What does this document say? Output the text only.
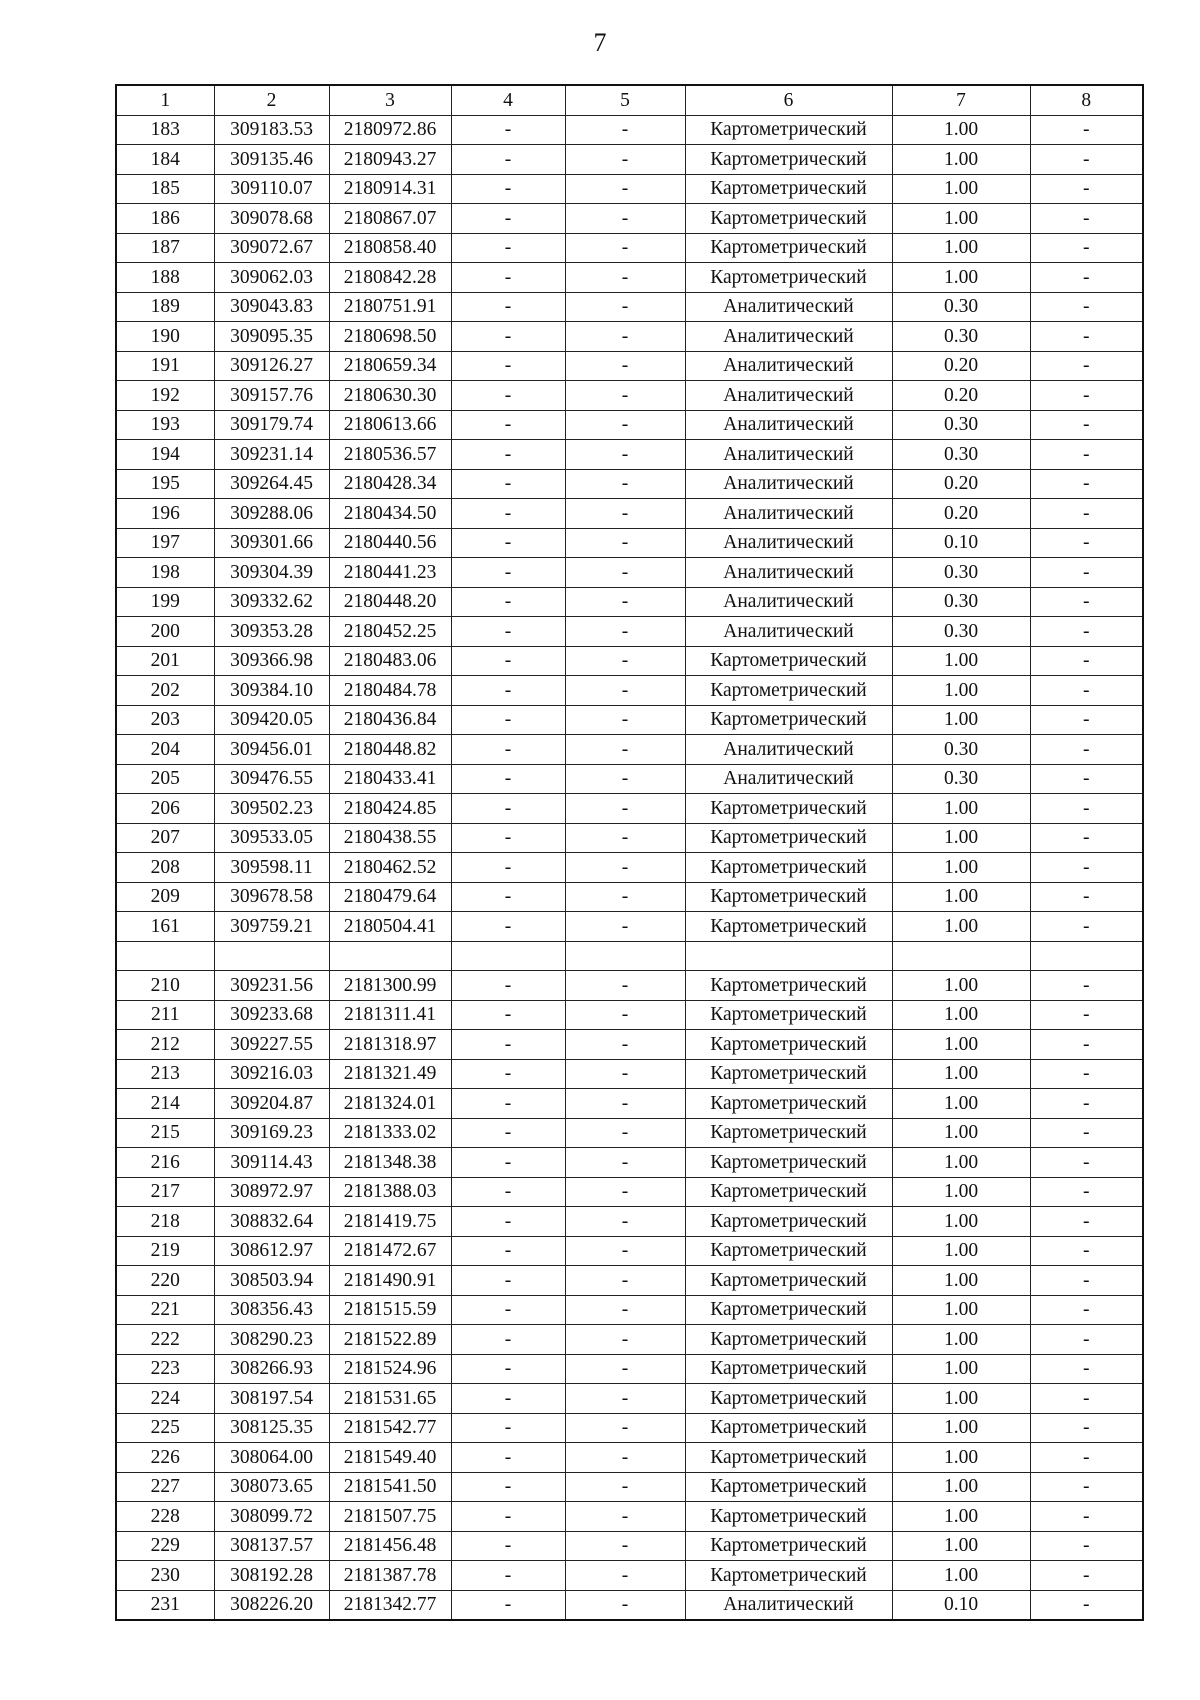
7
1	2	3	4	5	6	7	8
183	309183.53	2180972.86	-	-	Картометрический	1.00	-
184	309135.46	2180943.27	-	-	Картометрический	1.00	-
185	309110.07	2180914.31	-	-	Картометрический	1.00	-
186	309078.68	2180867.07	-	-	Картометрический	1.00	-
187	309072.67	2180858.40	-	-	Картометрический	1.00	-
188	309062.03	2180842.28	-	-	Картометрический	1.00	-
189	309043.83	2180751.91	-	-	Аналитический	0.30	-
190	309095.35	2180698.50	-	-	Аналитический	0.30	-
191	309126.27	2180659.34	-	-	Аналитический	0.20	-
192	309157.76	2180630.30	-	-	Аналитический	0.20	-
193	309179.74	2180613.66	-	-	Аналитический	0.30	-
194	309231.14	2180536.57	-	-	Аналитический	0.30	-
195	309264.45	2180428.34	-	-	Аналитический	0.20	-
196	309288.06	2180434.50	-	-	Аналитический	0.20	-
197	309301.66	2180440.56	-	-	Аналитический	0.10	-
198	309304.39	2180441.23	-	-	Аналитический	0.30	-
199	309332.62	2180448.20	-	-	Аналитический	0.30	-
200	309353.28	2180452.25	-	-	Аналитический	0.30	-
201	309366.98	2180483.06	-	-	Картометрический	1.00	-
202	309384.10	2180484.78	-	-	Картометрический	1.00	-
203	309420.05	2180436.84	-	-	Картометрический	1.00	-
204	309456.01	2180448.82	-	-	Аналитический	0.30	-
205	309476.55	2180433.41	-	-	Аналитический	0.30	-
206	309502.23	2180424.85	-	-	Картометрический	1.00	-
207	309533.05	2180438.55	-	-	Картометрический	1.00	-
208	309598.11	2180462.52	-	-	Картометрический	1.00	-
209	309678.58	2180479.64	-	-	Картометрический	1.00	-
161	309759.21	2180504.41	-	-	Картометрический	1.00	-

210	309231.56	2181300.99	-	-	Картометрический	1.00	-
211	309233.68	2181311.41	-	-	Картометрический	1.00	-
212	309227.55	2181318.97	-	-	Картометрический	1.00	-
213	309216.03	2181321.49	-	-	Картометрический	1.00	-
214	309204.87	2181324.01	-	-	Картометрический	1.00	-
215	309169.23	2181333.02	-	-	Картометрический	1.00	-
216	309114.43	2181348.38	-	-	Картометрический	1.00	-
217	308972.97	2181388.03	-	-	Картометрический	1.00	-
218	308832.64	2181419.75	-	-	Картометрический	1.00	-
219	308612.97	2181472.67	-	-	Картометрический	1.00	-
220	308503.94	2181490.91	-	-	Картометрический	1.00	-
221	308356.43	2181515.59	-	-	Картометрический	1.00	-
222	308290.23	2181522.89	-	-	Картометрический	1.00	-
223	308266.93	2181524.96	-	-	Картометрический	1.00	-
224	308197.54	2181531.65	-	-	Картометрический	1.00	-
225	308125.35	2181542.77	-	-	Картометрический	1.00	-
226	308064.00	2181549.40	-	-	Картометрический	1.00	-
227	308073.65	2181541.50	-	-	Картометрический	1.00	-
228	308099.72	2181507.75	-	-	Картометрический	1.00	-
229	308137.57	2181456.48	-	-	Картометрический	1.00	-
230	308192.28	2181387.78	-	-	Картометрический	1.00	-
231	308226.20	2181342.77	-	-	Аналитический	0.10	-
